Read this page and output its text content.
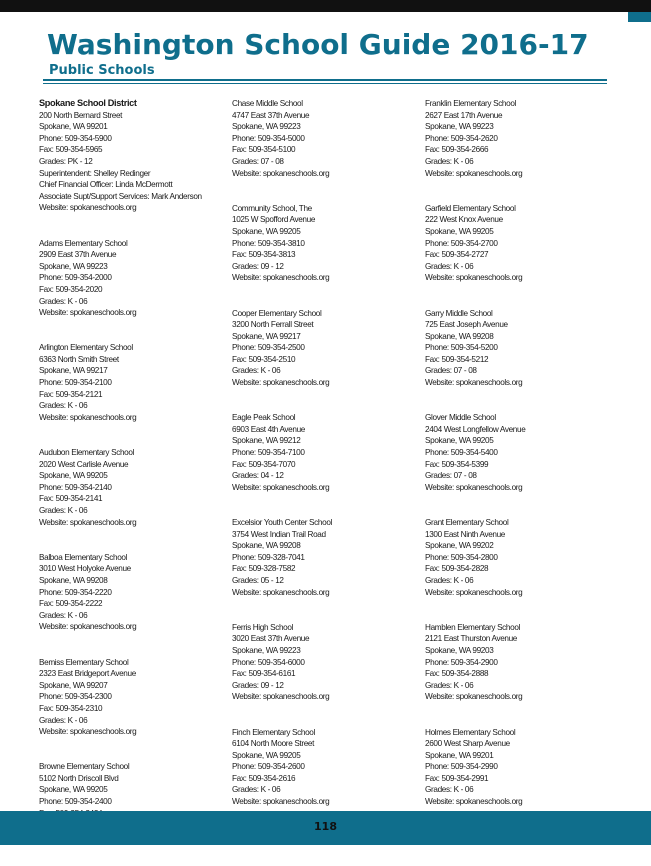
Washington School Guide 2016-17
Public Schools
Spokane School District
200 North Bernard Street
Spokane, WA 99201
Phone: 509-354-5900
Fax: 509-354-5965
Grades: PK - 12
Superintendent: Shelley Redinger
Chief Financial Officer: Linda McDermott
Associate Supt/Support Services: Mark Anderson
Website: spokaneschools.org
Adams Elementary School
2909 East 37th Avenue
Spokane, WA 99223
Phone: 509-354-2000
Fax: 509-354-2020
Grades: K - 06
Website: spokaneschools.org
Arlington Elementary School
6363 North Smith Street
Spokane, WA 99217
Phone: 509-354-2100
Fax: 509-354-2121
Grades: K - 06
Website: spokaneschools.org
Audubon Elementary School
2020 West Carlisle Avenue
Spokane, WA 99205
Phone: 509-354-2140
Fax: 509-354-2141
Grades: K - 06
Website: spokaneschools.org
Balboa Elementary School
3010 West Holyoke Avenue
Spokane, WA 99208
Phone: 509-354-2220
Fax: 509-354-2222
Grades: K - 06
Website: spokaneschools.org
Bemiss Elementary School
2323 East Bridgeport Avenue
Spokane, WA 99207
Phone: 509-354-2300
Fax: 509-354-2310
Grades: K - 06
Website: spokaneschools.org
Browne Elementary School
5102 North Driscoll Blvd
Spokane, WA 99205
Phone: 509-354-2400
Chase Middle School
4747 East 37th Avenue
Spokane, WA 99223
Phone: 509-354-5000
Fax: 509-354-5100
Grades: 07 - 08
Website: spokaneschools.org
Community School, The
1025 W Spofford Avenue
Spokane, WA 99205
Phone: 509-354-3810
Fax: 509-354-3813
Grades: 09 - 12
Website: spokaneschools.org
Cooper Elementary School
3200 North Ferrall Street
Spokane, WA 99217
Phone: 509-354-2500
Fax: 509-354-2510
Grades: K - 06
Website: spokaneschools.org
Eagle Peak School
6903 East 4th Avenue
Spokane, WA 99212
Phone: 509-354-7100
Fax: 509-354-7070
Grades: 04 - 12
Website: spokaneschools.org
Excelsior Youth Center School
3754 West Indian Trail Road
Spokane, WA 99208
Phone: 509-328-7041
Fax: 509-328-7582
Grades: 05 - 12
Website: spokaneschools.org
Ferris High School
3020 East 37th Avenue
Spokane, WA 99223
Phone: 509-354-6000
Fax: 509-354-6161
Grades: 09 - 12
Website: spokaneschools.org
Finch Elementary School
6104 North Moore Street
Spokane, WA 99205
Phone: 509-354-2600
Fax: 509-354-2616
Grades: K - 06
Website: spokaneschools.org
Franklin Elementary School
2627 East 17th Avenue
Spokane, WA 99223
Phone: 509-354-2620
Fax: 509-354-2666
Grades: K - 06
Website: spokaneschools.org
Garfield Elementary School
222 West Knox Avenue
Spokane, WA 99205
Phone: 509-354-2700
Fax: 509-354-2727
Grades: K - 06
Website: spokaneschools.org
Garry Middle School
725 East Joseph Avenue
Spokane, WA 99208
Phone: 509-354-5200
Fax: 509-354-5212
Grades: 07 - 08
Website: spokaneschools.org
Glover Middle School
2404 West Longfellow Avenue
Spokane, WA 99205
Phone: 509-354-5400
Fax: 509-354-5399
Grades: 07 - 08
Website: spokaneschools.org
Grant Elementary School
1300 East Ninth Avenue
Spokane, WA 99202
Phone: 509-354-2800
Fax: 509-354-2828
Grades: K - 06
Website: spokaneschools.org
Hamblen Elementary School
2121 East Thurston Avenue
Spokane, WA 99203
Phone: 509-354-2900
Fax: 509-354-2888
Grades: K - 06
Website: spokaneschools.org
Holmes Elementary School
2600 West Sharp Avenue
Spokane, WA 99201
Phone: 509-354-2990
Fax: 509-354-2991
Grades: K - 06
Website: spokaneschools.org
118
